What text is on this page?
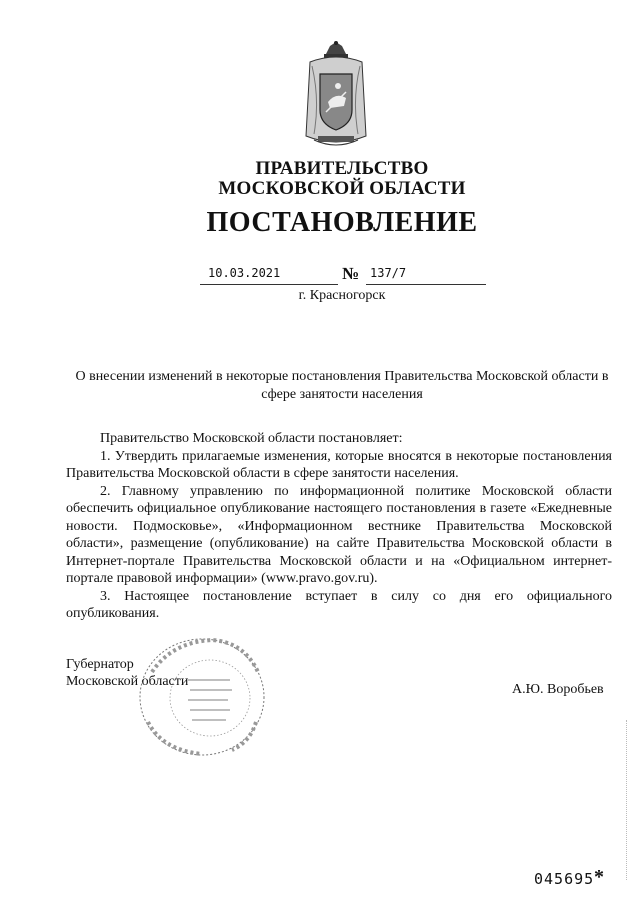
ПРАВИТЕЛЬСТВО
МОСКОВСКОЙ ОБЛАСТИ
ПОСТАНОВЛЕНИЕ
10.03.2021	№ 137/7
г. Красногорск
О внесении изменений в некоторые постановления Правительства Московской области в сфере занятости населения

Правительство Московской области постановляет:

1. Утвердить прилагаемые изменения, которые вносятся в некоторые постановления Правительства Московской области в сфере занятости населения.

2. Главному управлению по информационной политике Московской области обеспечить официальное опубликование настоящего постановления в газете «Ежедневные новости. Подмосковье», «Информационном вестнике Правительства Московской области», размещение (опубликование) на сайте Правительства Московской области в Интернет-портале Правительства Московской области и на «Официальном интернет-портале правовой информации» (www.pravo.gov.ru).

3. Настоящее постановление вступает в силу со дня его официального опубликования.

Губернатор
Московской области
А.Ю. Воробьев
045695 *
